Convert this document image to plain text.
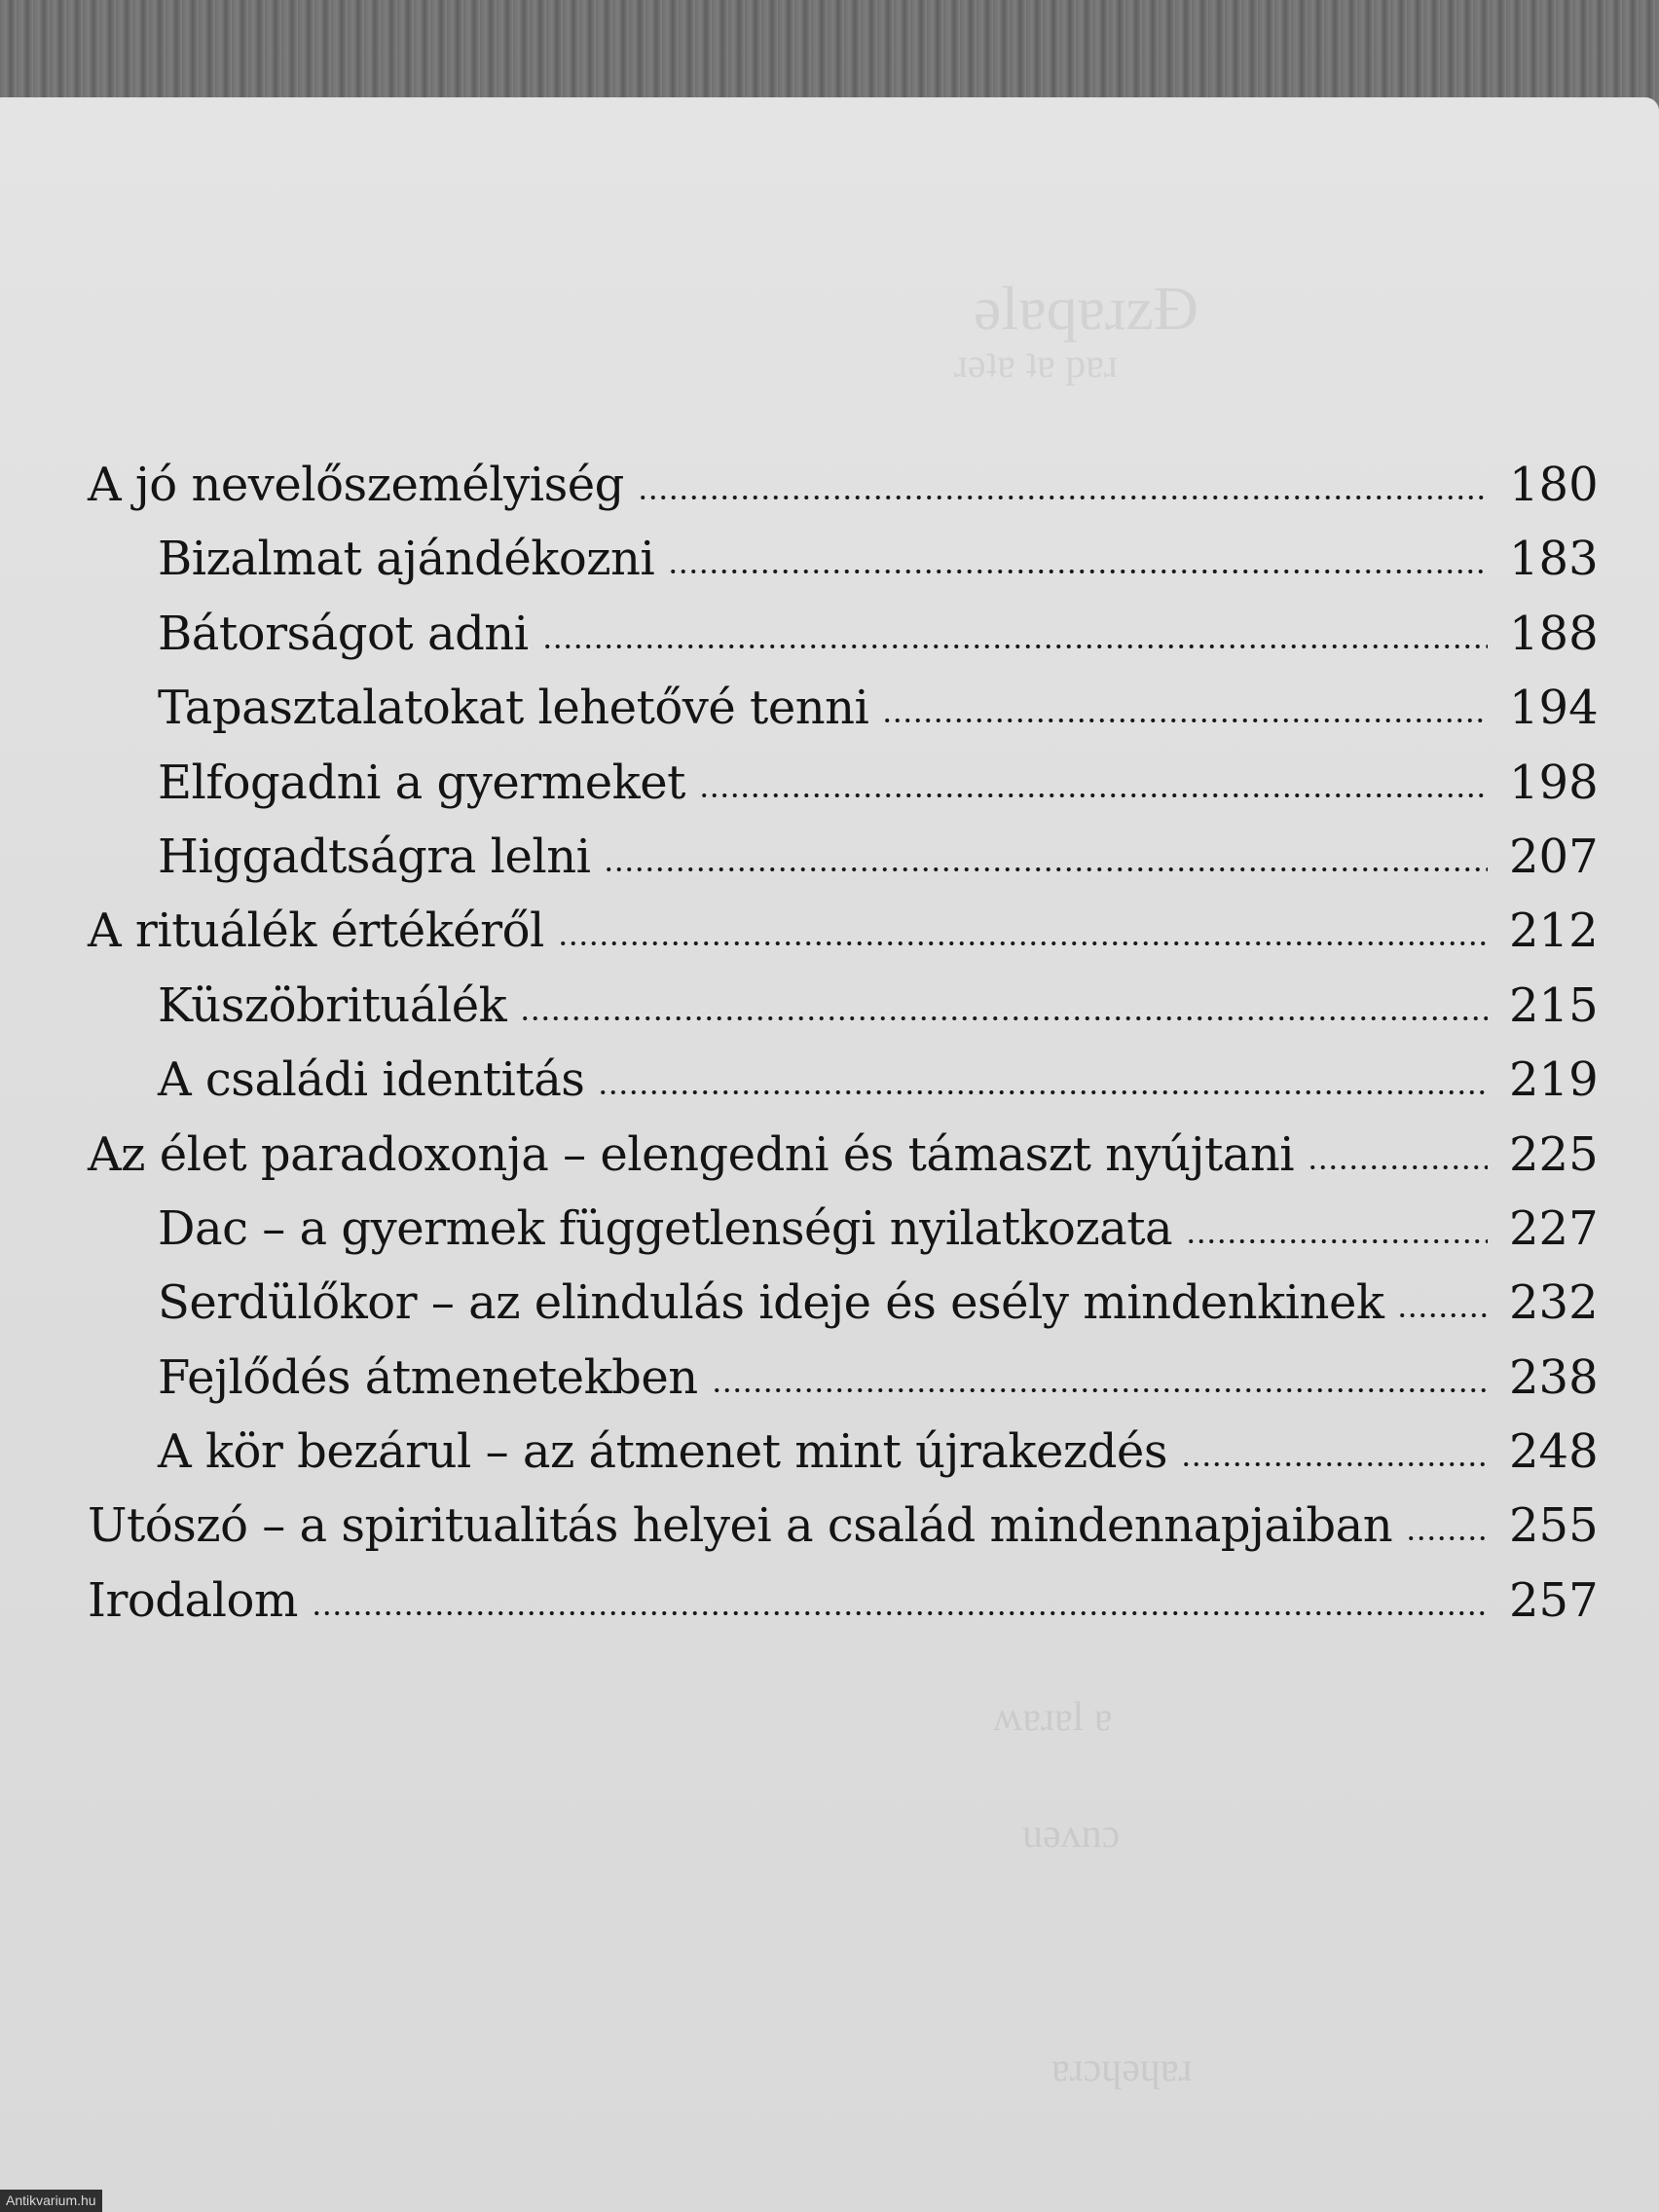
ǝlɐqɐɹzÐ
ɹǝʇɐ ʇɐ pɐɹ
ʍɐɹɐl ɐ
uǝʌnɔ
ɐɹɔɥǝɥɐɹ
A jó nevelőszemélyiség	180
Bizalmat ajándékozni	183
Bátorságot adni	188
Tapasztalatokat lehetővé tenni	194
Elfogadni a gyermeket	198
Higgadtságra lelni	207
A rituálék értékéről	212
Küszöbrituálék	215
A családi identitás	219
Az élet paradoxonja – elengedni és támaszt nyújtani	225
Dac – a gyermek függetlenségi nyilatkozata	227
Serdülőkor – az elindulás ideje és esély mindenkinek	232
Fejlődés átmenetekben	238
A kör bezárul – az átmenet mint újrakezdés	248
Utószó – a spiritualitás helyei a család mindennapjaiban 255
Irodalom	257
Antikvarium.hu
